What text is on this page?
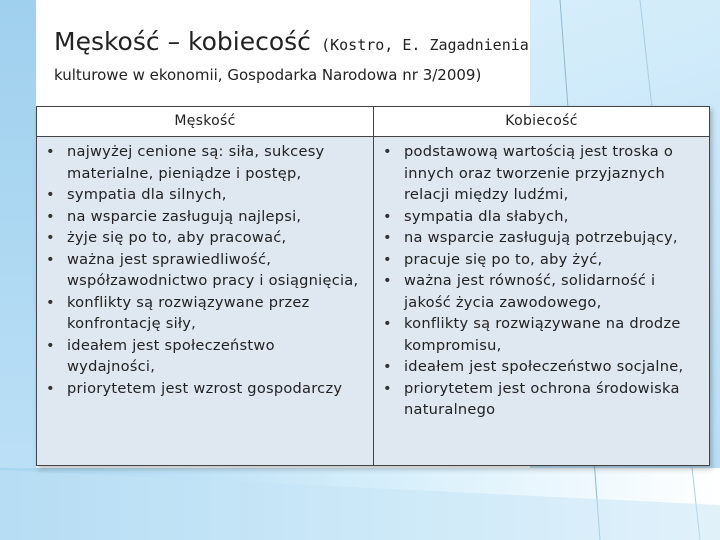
Męskość – kobiecość (Kostro, E. Zagadnienia
kulturowe w ekonomii, Gospodarka Narodowa nr 3/2009)
Męskość
• najwyżej cenione są: siła, sukcesy materialne, pieniądze i postęp,
• sympatia dla silnych,
• na wsparcie zasługują najlepsi,
• żyje się po to, aby pracować,
• ważna jest sprawiedliwość, współzawodnictwo pracy i osiągnięcia,
• konflikty są rozwiązywane przez konfrontację siły,
• ideałem jest społeczeństwo wydajności,
• priorytetem jest wzrost gospodarczy
Kobiecość
• podstawową wartością jest troska o innych oraz tworzenie przyjaznych relacji między ludźmi,
• sympatia dla słabych,
• na wsparcie zasługują potrzebujący,
• pracuje się po to, aby żyć,
• ważna jest równość, solidarność i jakość życia zawodowego,
• konflikty są rozwiązywane na drodze kompromisu,
• ideałem jest społeczeństwo socjalne,
• priorytetem jest ochrona środowiska naturalnego
